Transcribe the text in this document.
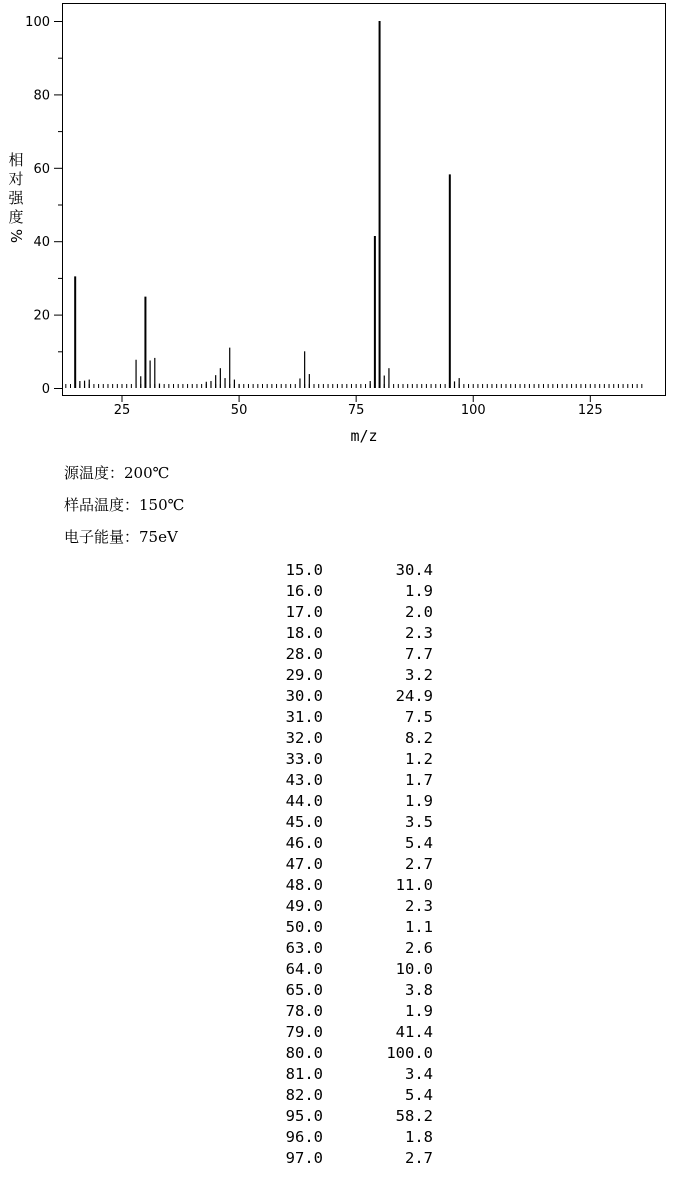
25	50	75	100	125
0
20
40
60
80
100
m/z
相
对
强
度
%
源温度：200℃
样品温度：150℃
电子能量：75eV
15.0	30.4
16.0	1.9
17.0	2.0
18.0	2.3
28.0	7.7
29.0	3.2
30.0	24.9
31.0	7.5
32.0	8.2
33.0	1.2
43.0	1.7
44.0	1.9
45.0	3.5
46.0	5.4
47.0	2.7
48.0	11.0
49.0	2.3
50.0	1.1
63.0	2.6
64.0	10.0
65.0	3.8
78.0	1.9
79.0	41.4
80.0	100.0
81.0	3.4
82.0	5.4
95.0	58.2
96.0	1.8
97.0	2.7
